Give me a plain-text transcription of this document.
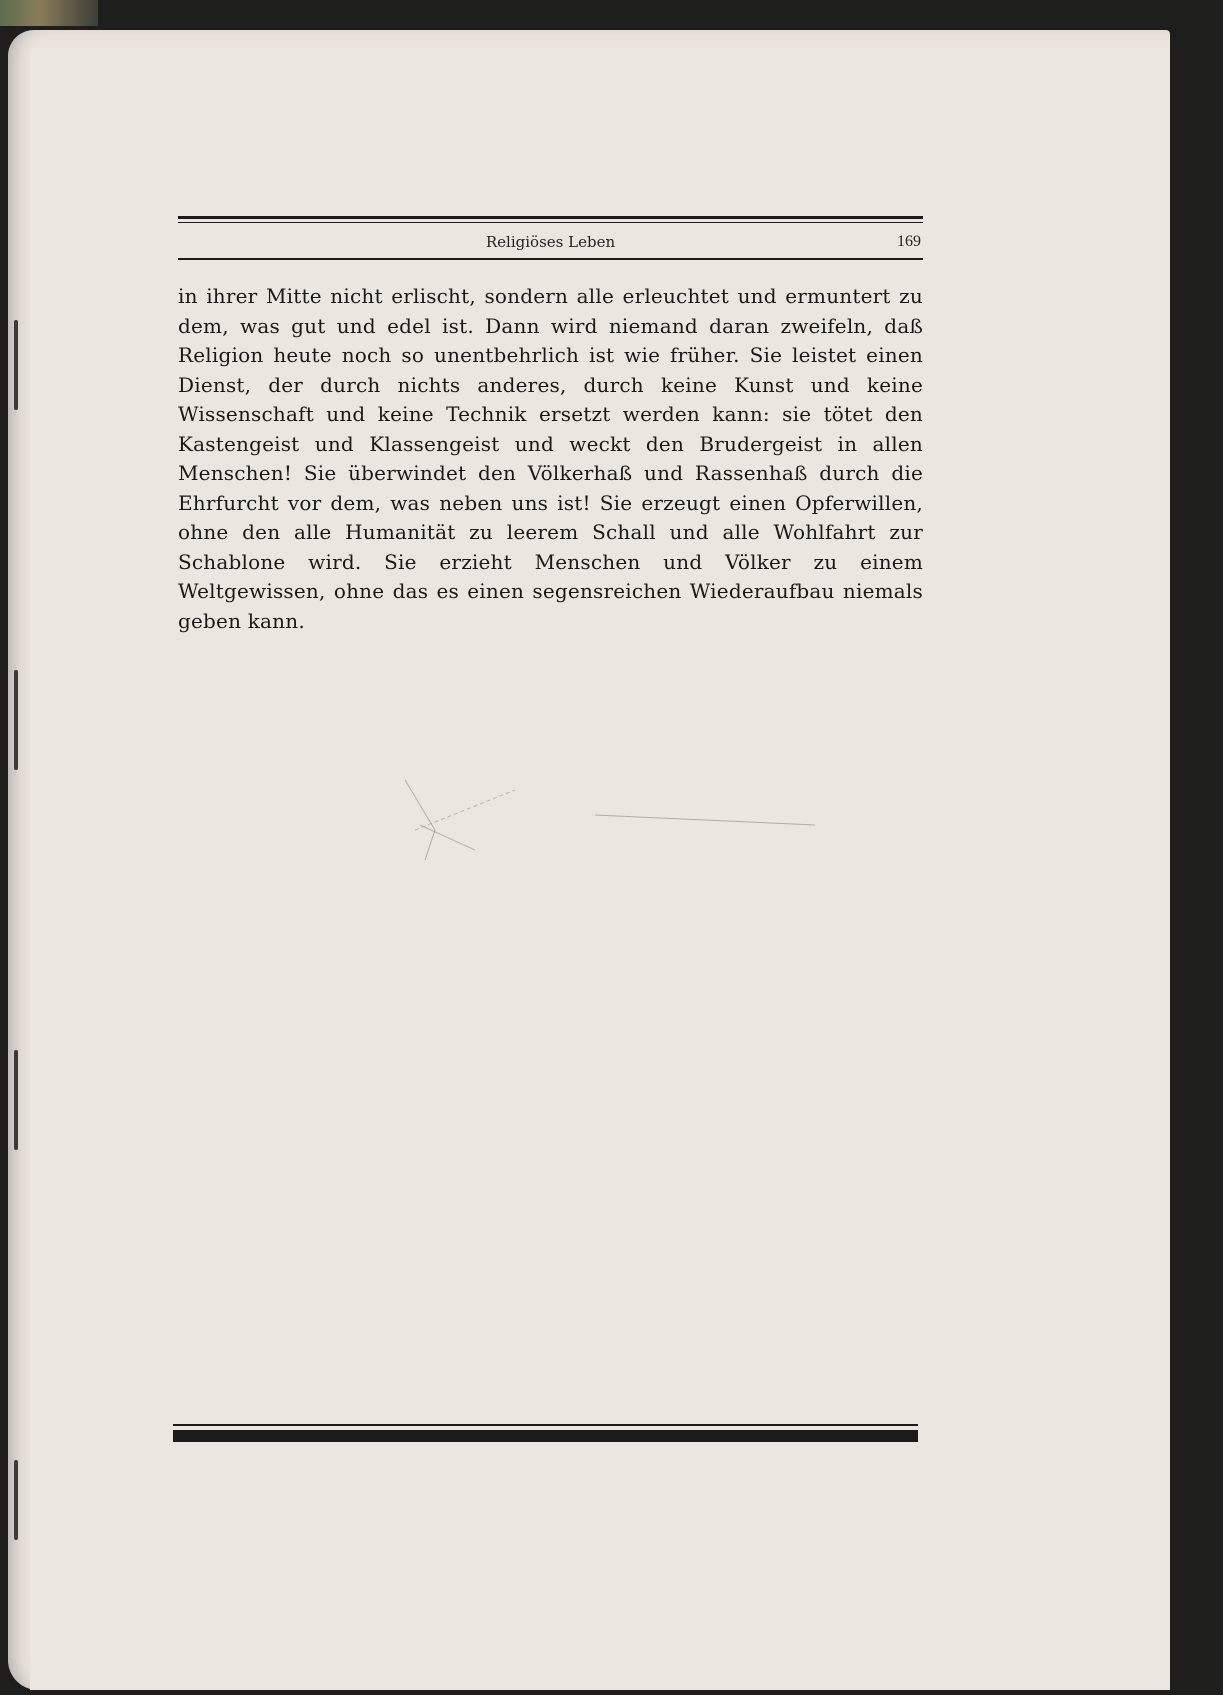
Religiöses Leben	169

in ihrer Mitte nicht erlischt, sondern alle erleuchtet und ermuntert zu dem, was gut und edel ist. Dann wird niemand daran zweifeln, daß Religion heute noch so unentbehrlich ist wie früher. Sie leistet einen Dienst, der durch nichts anderes, durch keine Kunst und keine Wissenschaft und keine Technik ersetzt werden kann: sie tötet den Kastengeist und Klassengeist und weckt den Brudergeist in allen Menschen! Sie überwindet den Völkerhaß und Rassenhaß durch die Ehrfurcht vor dem, was neben uns ist! Sie erzeugt einen Opferwillen, ohne den alle Humanität zu leerem Schall und alle Wohlfahrt zur Schablone wird. Sie erzieht Menschen und Völker zu einem Weltgewissen, ohne das es einen segensreichen Wiederaufbau niemals geben kann.
